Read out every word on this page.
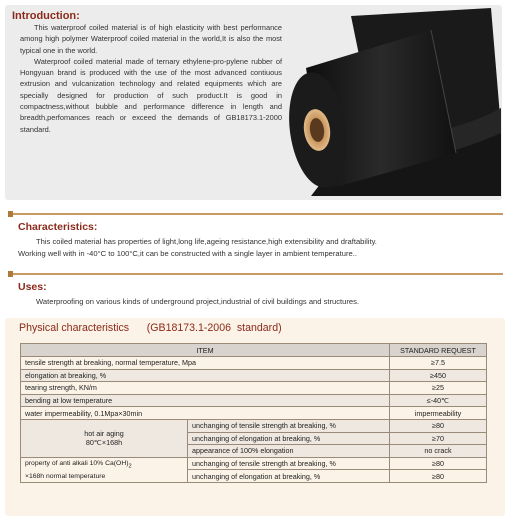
Introduction:

This waterproof coiled material is of high elasticity with best performance among high polymer Waterproof coiled material in the world,It is also the most typical one in the world.

Waterproof coiled material made of ternary ethylene-pro-pylene rubber of Hongyuan brand is produced with the use of the most advanced contiuous extrusion and vulcanization technology and related equipments which are specially designed for production of such product.It is good in compactness,without bubble and performance difference in length and breadth,perfomances reach or exceed the demands of GB18173.1-2000 standard.

Characteristics:
This coiled material has properties of light,long life,ageing resistance,high extensibility and draftability.
Working well with in -40°C to 100°C,it can be constructed with a single layer in ambient temperature..
Uses:
Waterproofing on various kinds of underground project,industrial of civil buildings and structures.
Physical characteristics      (GB18173.1-2006  standard)
ITEM		STANDARD REQUEST
tensile strength at breaking, normal temperature, Mpa		≥7.5
elongation at breaking, %		≥450
tearing strength, KN/m		≥25
bending at low temperature		≤-40℃
water impermeability, 0.1Mpa×30min		impermeability
hot air aging
80℃×168h	unchanging of tensile strength at breaking, %	≥80
	unchanging of elongation at breaking, %	≥70
	appearance of 100% elongation	no crack
property of anti alkali 10% $Ca(OH)_2$
×168h normal temperature	unchanging of tensile strength at breaking, %	≥80
	unchanging of elongation at breaking, %	≥80
